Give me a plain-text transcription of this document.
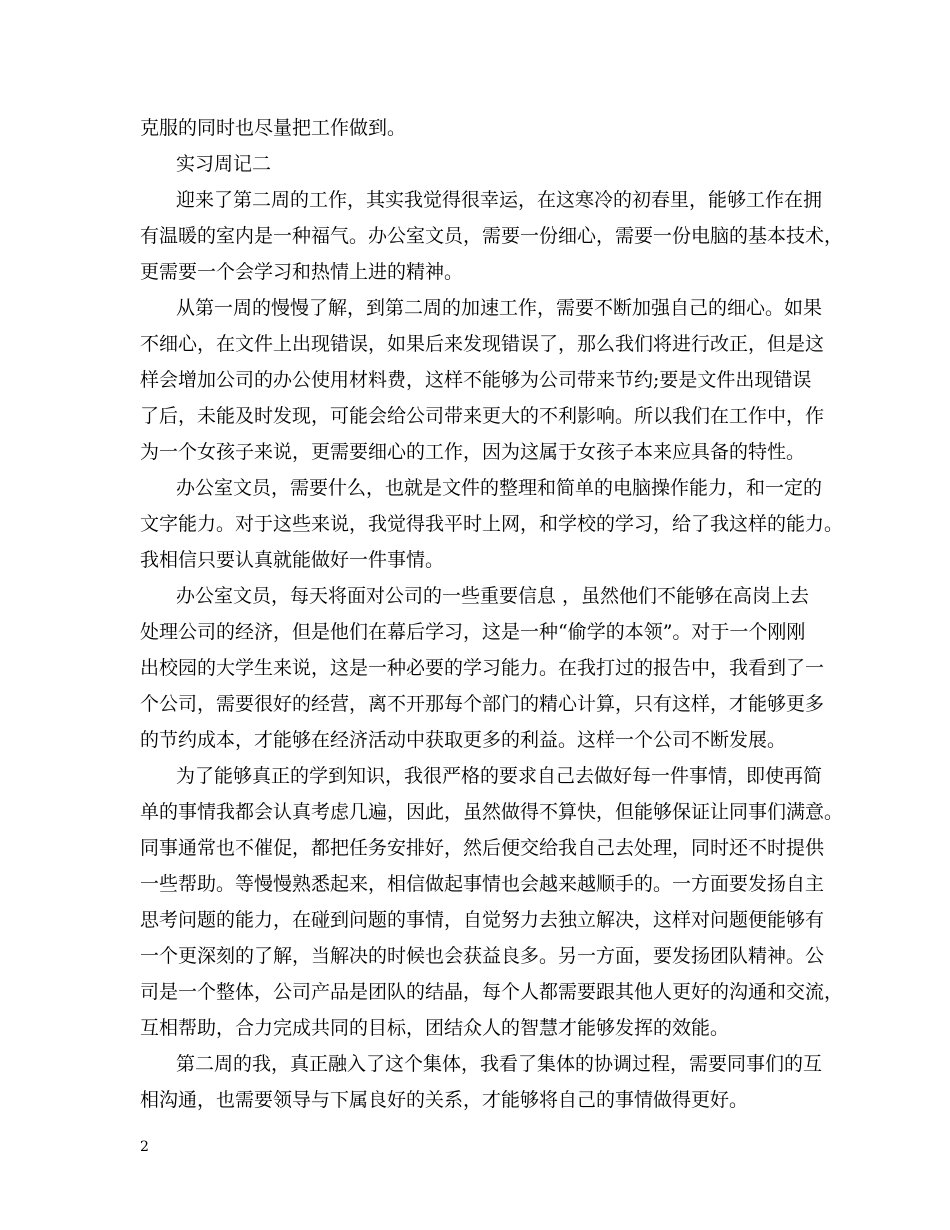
克服的同时也尽量把工作做到。
实习周记二
迎来了第二周的工作，其实我觉得很幸运，在这寒冷的初春里，能够工作在拥
有温暖的室内是一种福气。办公室文员，需要一份细心，需要一份电脑的基本技术，
更需要一个会学习和热情上进的精神。
从第一周的慢慢了解，到第二周的加速工作，需要不断加强自己的细心。如果
不细心，在文件上出现错误，如果后来发现错误了，那么我们将进行改正，但是这
样会增加公司的办公使用材料费，这样不能够为公司带来节约;要是文件出现错误
了后，未能及时发现，可能会给公司带来更大的不利影响。所以我们在工作中，作
为一个女孩子来说，更需要细心的工作，因为这属于女孩子本来应具备的特性。
办公室文员，需要什么，也就是文件的整理和简单的电脑操作能力，和一定的
文字能力。对于这些来说，我觉得我平时上网，和学校的学习，给了我这样的能力。
我相信只要认真就能做好一件事情。
办公室文员，每天将面对公司的一些重要信息 ，虽然他们不能够在高岗上去
处理公司的经济，但是他们在幕后学习，这是一种“偷学的本领”。对于一个刚刚
出校园的大学生来说，这是一种必要的学习能力。在我打过的报告中，我看到了一
个公司，需要很好的经营，离不开那每个部门的精心计算，只有这样，才能够更多
的节约成本，才能够在经济活动中获取更多的利益。这样一个公司不断发展。
为了能够真正的学到知识，我很严格的要求自己去做好每一件事情，即使再简
单的事情我都会认真考虑几遍，因此，虽然做得不算快，但能够保证让同事们满意。
同事通常也不催促，都把任务安排好，然后便交给我自己去处理，同时还不时提供
一些帮助。等慢慢熟悉起来，相信做起事情也会越来越顺手的。一方面要发扬自主
思考问题的能力，在碰到问题的事情，自觉努力去独立解决，这样对问题便能够有
一个更深刻的了解，当解决的时候也会获益良多。另一方面，要发扬团队精神。公
司是一个整体，公司产品是团队的结晶，每个人都需要跟其他人更好的沟通和交流，
互相帮助，合力完成共同的目标，团结众人的智慧才能够发挥的效能。
第二周的我，真正融入了这个集体，我看了集体的协调过程，需要同事们的互
相沟通，也需要领导与下属良好的关系，才能够将自己的事情做得更好。
2
